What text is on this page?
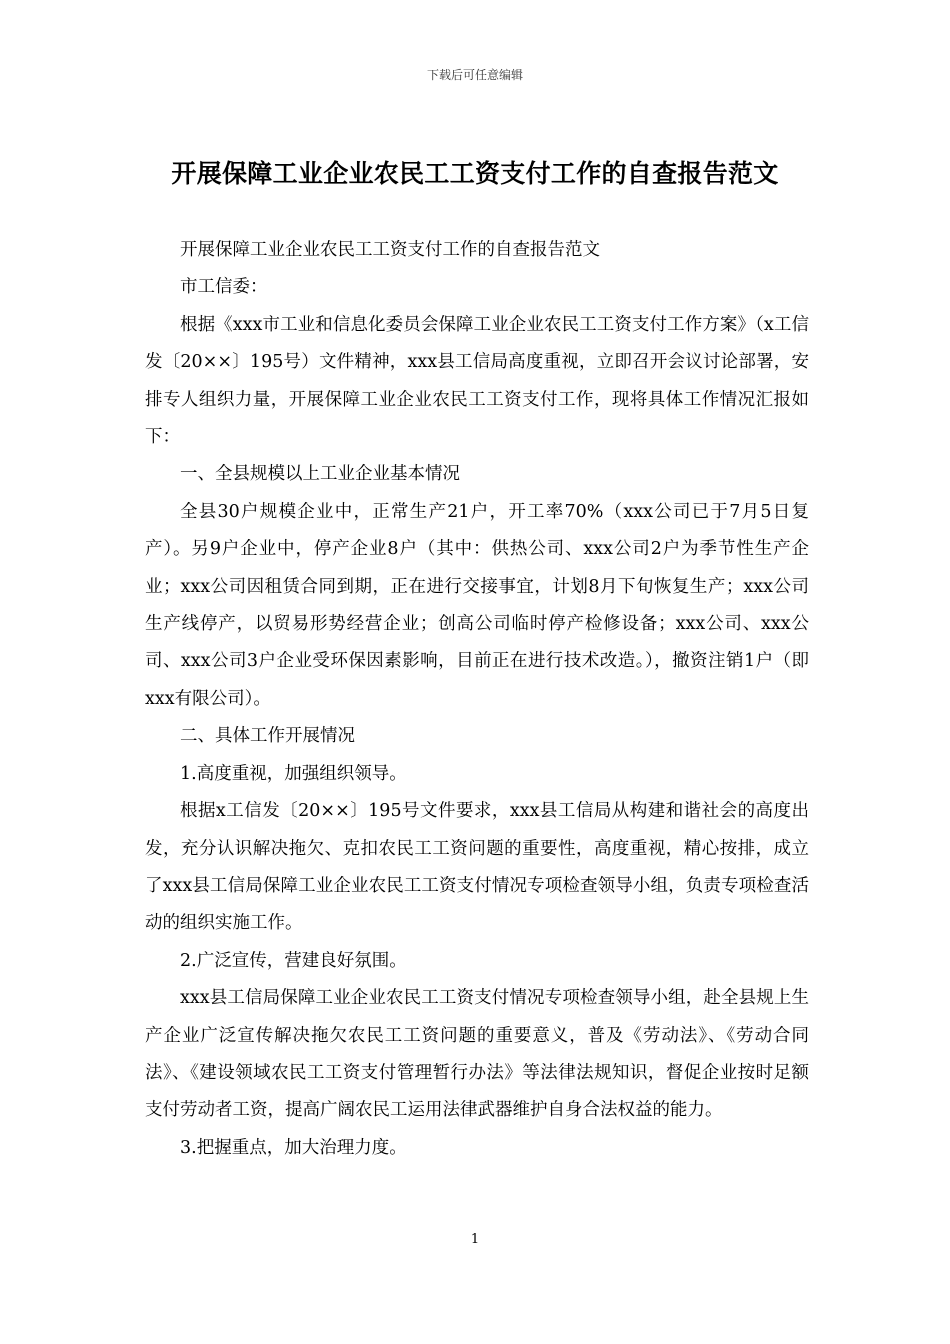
下载后可任意编辑
开展保障工业企业农民工工资支付工作的自查报告范文

开展保障工业企业农民工工资支付工作的自查报告范文

市工信委：

根据《xxx市工业和信息化委员会保障工业企业农民工工资支付工作方案》（x工信发〔20××〕195号）文件精神，xxx县工信局高度重视，立即召开会议讨论部署，安排专人组织力量，开展保障工业企业农民工工资支付工作，现将具体工作情况汇报如下：

一、全县规模以上工业企业基本情况

全县30户规模企业中，正常生产21户，开工率70%（xxx公司已于7月5日复产）。另9户企业中，停产企业8户（其中：供热公司、xxx公司2户为季节性生产企业；xxx公司因租赁合同到期，正在进行交接事宜，计划8月下旬恢复生产；xxx公司生产线停产，以贸易形势经营企业；创高公司临时停产检修设备；xxx公司、xxx公司、xxx公司3户企业受环保因素影响，目前正在进行技术改造。），撤资注销1户（即xxx有限公司）。

二、具体工作开展情况

1.高度重视，加强组织领导。

根据x工信发〔20××〕195号文件要求，xxx县工信局从构建和谐社会的高度出发，充分认识解决拖欠、克扣农民工工资问题的重要性，高度重视，精心按排，成立了xxx县工信局保障工业企业农民工工资支付情况专项检查领导小组，负责专项检查活动的组织实施工作。

2.广泛宣传，营建良好氛围。

xxx县工信局保障工业企业农民工工资支付情况专项检查领导小组，赴全县规上生产企业广泛宣传解决拖欠农民工工资问题的重要意义，普及《劳动法》、《劳动合同法》、《建设领域农民工工资支付管理暂行办法》等法律法规知识，督促企业按时足额支付劳动者工资，提高广阔农民工运用法律武器维护自身合法权益的能力。

3.把握重点，加大治理力度。

1
